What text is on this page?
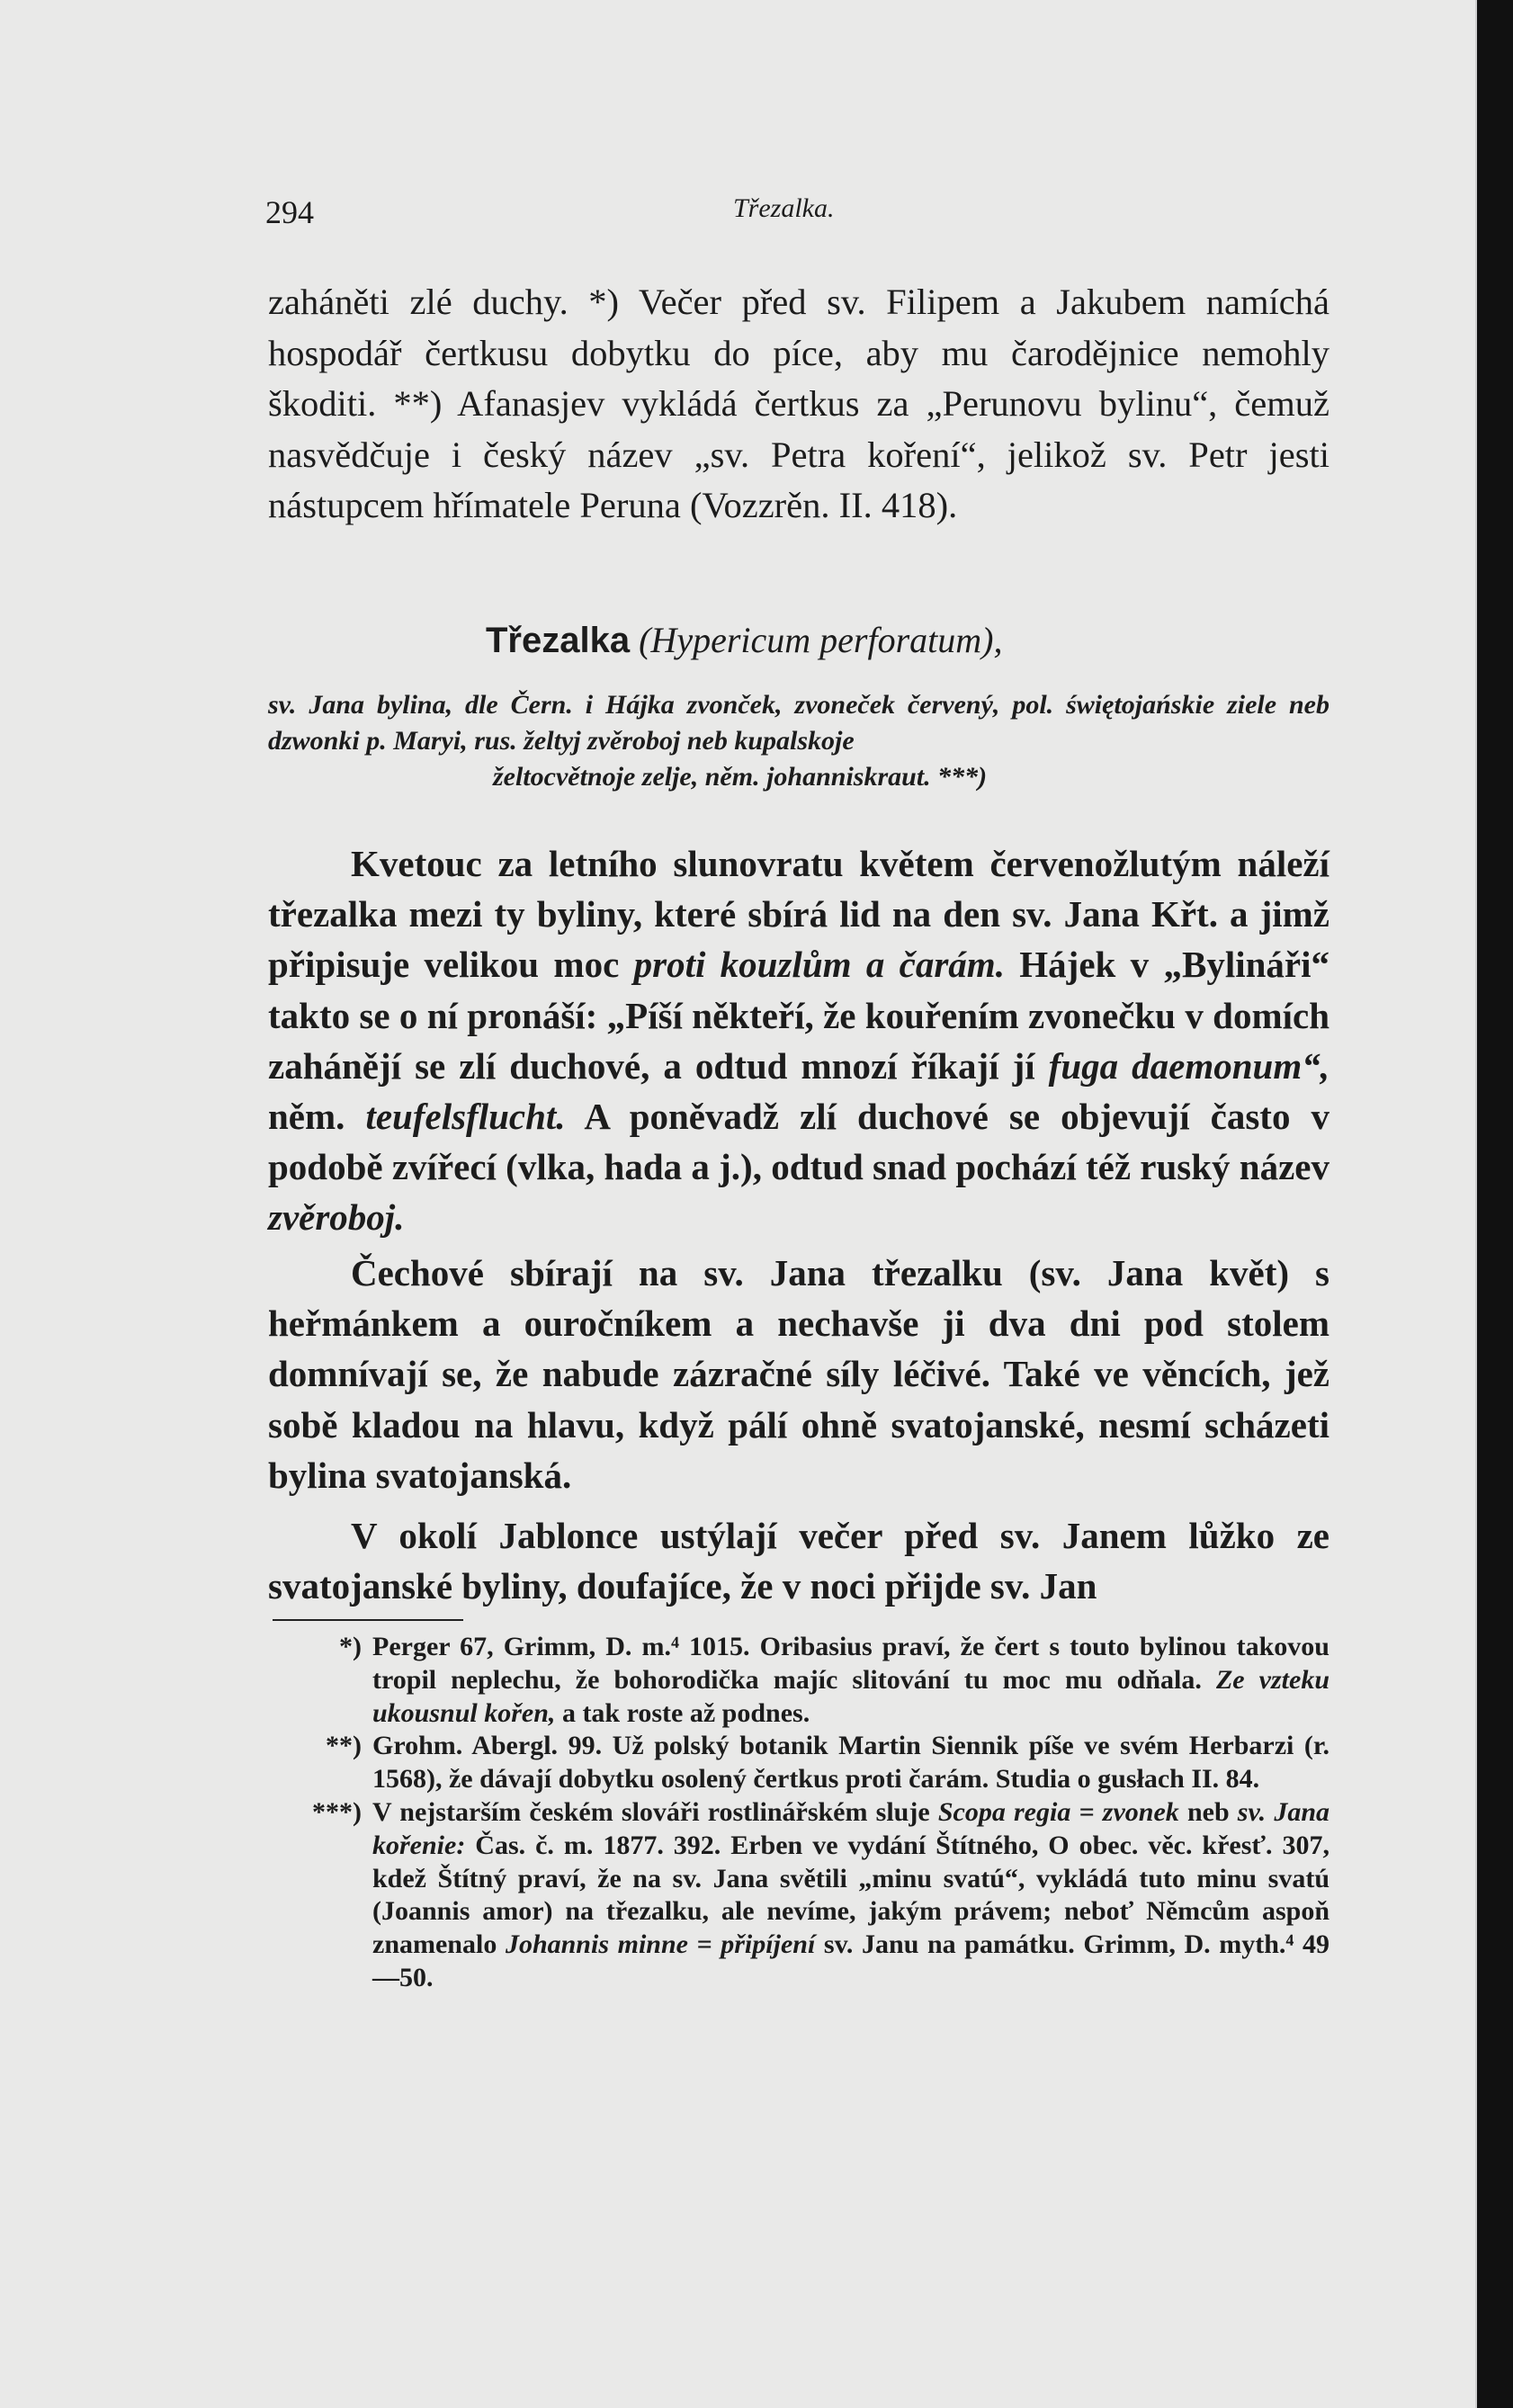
294	Třezalka.

zaháněti zlé duchy. *) Večer před sv. Filipem a Jakubem namíchá hospodář čertkusu dobytku do píce, aby mu čarodějnice nemohly škoditi. **) Afanasjev vykládá čertkus za „Perunovu bylinu“, čemuž nasvědčuje i český název „sv. Petra koření“, jelikož sv. Petr jesti nástupcem hřímatele Peruna (Vozzrěn. II. 418).

Třezalka (Hypericum perforatum),

sv. Jana bylina, dle Čern. i Hájka zvonček, zvoneček červený, pol. świętojańskie ziele neb dzwonki p. Maryi, rus. želtyj zvěroboj neb kupalskoje
želtocvětnoje zelje, něm. johanniskraut. ***)

Kvetouc za letního slunovratu květem červenožlutým náleží třezalka mezi ty byliny, které sbírá lid na den sv. Jana Křt. a jimž připisuje velikou moc proti kouzlům a čarám. Hájek v „Bylináři“ takto se o ní pronáší: „Píší někteří, že kouřením zvonečku v domích zahánějí se zlí duchové, a odtud mnozí říkají jí fuga daemonum“, něm. teufelsflucht. A poněvadž zlí duchové se objevují často v podobě zvířecí (vlka, hada a j.), odtud snad pochází též ruský název zvěroboj.

Čechové sbírají na sv. Jana třezalku (sv. Jana květ) s heřmánkem a ouročníkem a nechavše ji dva dni pod stolem domnívají se, že nabude zázračné síly léčivé. Také ve věncích, jež sobě kladou na hlavu, když pálí ohně svatojanské, nesmí scházeti bylina svatojanská.

V okolí Jablonce ustýlají večer před sv. Janem lůžko ze svatojanské byliny, doufajíce, že v noci přijde sv. Jan

*) Perger 67, Grimm, D. m.⁴ 1015. Oribasius praví, že čert s touto bylinou takovou tropil neplechu, že bohorodička majíc slitování tu moc mu odňala. Ze vzteku ukousnul kořen, a tak roste až podnes.

**) Grohm. Abergl. 99. Už polský botanik Martin Siennik píše ve svém Herbarzi (r. 1568), že dávají dobytku osolený čertkus proti čarám. Studia o gusłach II. 84.

***) V nejstarším českém slováři rostlinářském sluje Scopa regia = zvonek neb sv. Jana kořenie: Čas. č. m. 1877. 392. Erben ve vydání Štítného, O obec. věc. křesť. 307, kdež Štítný praví, že na sv. Jana světili „minu svatú“, vykládá tuto minu svatú (Joannis amor) na třezalku, ale nevíme, jakým právem; neboť Němcům aspoň znamenalo Johannis minne = připíjení sv. Janu na památku. Grimm, D. myth.⁴ 49—50.
